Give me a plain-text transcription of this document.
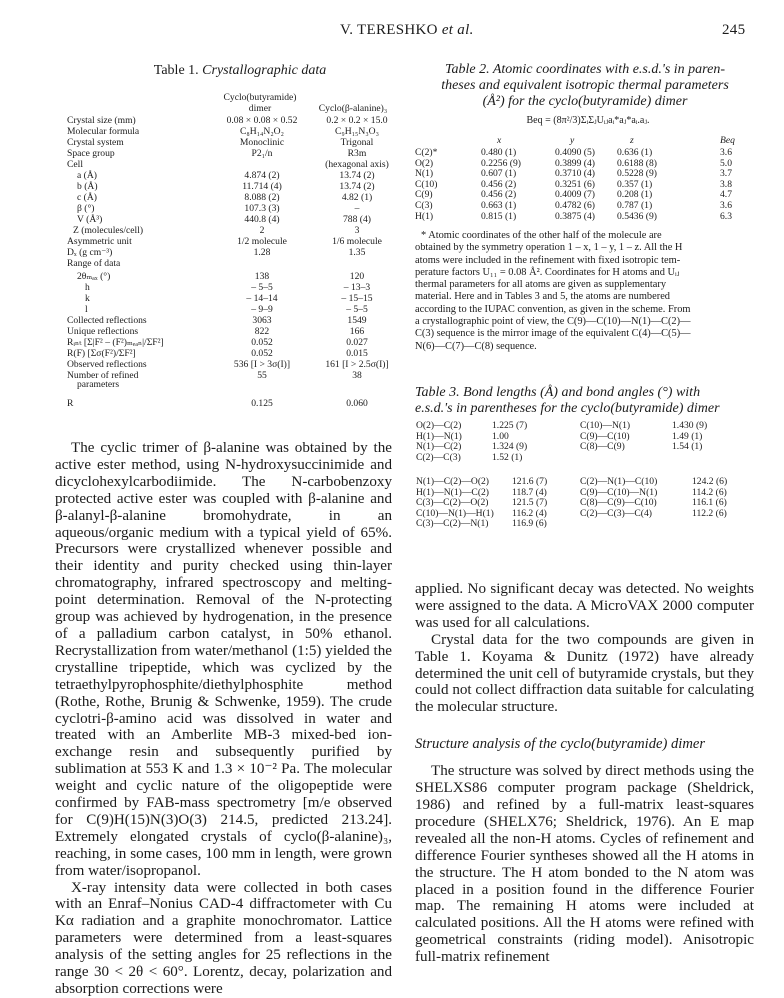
V. TERESHKO et al.	245
Table 1. Crystallographic data
Cyclo(butyramide)
dimer	Cyclo(β-alanine)₃
Crystal size (mm)	0.08 × 0.08 × 0.52	0.2 × 0.2 × 15.0
Molecular formula	C₈H₁₄N₂O₂	C₉H₁₅N₃O₃
Crystal system	Monoclinic	Trigonal
Space group	P2₁/n	R3m
Cell	(hexagonal axis)
a (Å)	4.874 (2)	13.74 (2)
b (Å)	11.714 (4)	13.74 (2)
c (Å)	8.088 (2)	4.82 (1)
β (°)	107.3 (3)	–
V (Å³)	440.8 (4)	788 (4)
Z (molecules/cell)	2	3
Asymmetric unit	1/2 molecule	1/6 molecule
Dₓ (g cm⁻³)	1.28	1.35
Range of data
2θₘₐₓ (°)	138	120
h	– 5–5	– 13–3
k	– 14–14	– 15–15
l	– 9–9	– 5–5
Collected reflections	3063	1549
Unique reflections	822	166
Rᵢₙₜ [Σ|F² – (F²)ₘₑₐₙ|/ΣF²]	0.052	0.027
R(F) [Σσ(F²)/ΣF²]	0.052	0.015
Observed reflections	536 [I > 3σ(I)]	161 [I > 2.5σ(I)]
Number of refined	55	38
parameters
R	0.125	0.060
Table 2. Atomic coordinates with e.s.d.'s in paren-
theses and equivalent isotropic thermal parameters
(Å²) for the cyclo(butyramide) dimer
Beq = (8π²/3)ΣᵢΣⱼUᵢⱼaᵢ*aⱼ*aᵢ.aⱼ.
x	y	z	Beq
C(2)*	0.480 (1)	0.4090 (5) 0.636 (1)	3.6
O(2)	0.2256 (9)	0.3899 (4) 0.6188 (8)	5.0
N(1)	0.607 (1)	0.3710 (4) 0.5228 (9)	3.7
C(10)	0.456 (2)	0.3251 (6) 0.357 (1)	3.8
C(9)	0.456 (2)	0.4009 (7) 0.208 (1)	4.7
C(3)	0.663 (1)	0.4782 (6) 0.787 (1)	3.6
H(1)	0.815 (1)	0.3875 (4) 0.5436 (9)	6.3
* Atomic coordinates of the other half of the molecule are
obtained by the symmetry operation 1 – x, 1 – y, 1 – z. All the H
atoms were included in the refinement with fixed isotropic tem-
perature factors U₁₁ = 0.08 Å². Coordinates for H atoms and Uᵢⱼ
thermal parameters for all atoms are given as supplementary
material. Here and in Tables 3 and 5, the atoms are numbered
according to the IUPAC convention, as given in the scheme. From
a crystallographic point of view, the C(9)—C(10)—N(1)—C(2)—
C(3) sequence is the mirror image of the equivalent C(4)—C(5)—
N(6)—C(7)—C(8) sequence.
Table 3. Bond lengths (Å) and bond angles (°) with
e.s.d.'s in parentheses for the cyclo(butyramide) dimer
O(2)—C(2)	1.225 (7)
H(1)—N(1)	1.00
N(1)—C(2)	1.324 (9)
C(2)—C(3)	1.52 (1)
C(10)—N(1)	1.430 (9)
C(9)—C(10)	1.49 (1)
C(8)—C(9)	1.54 (1)
N(1)—C(2)—O(2) 121.6 (7)
H(1)—N(1)—C(2) 118.7 (4)
C(3)—C(2)—O(2) 121.5 (7)
C(10)—N(1)—H(1) 116.2 (4)
C(3)—C(2)—N(1) 116.9 (6)
C(2)—N(1)—C(10)	124.2 (6)
C(9)—C(10)—N(1)	114.2 (6)
C(8)—C(9)—C(10)	116.1 (6)
C(2)—C(3)—C(4)	112.2 (6)

The cyclic trimer of β-alanine was obtained by the active ester method, using N-hydroxysuccinimide and dicyclohexylcarbodiimide. The N-carbobenzoxy protected active ester was coupled with β-alanine and β-alanyl-β-alanine bromohydrate, in an aqueous/organic medium with a typical yield of 65%. Precursors were crystallized whenever possible and their identity and purity checked using thin-layer chromatography, infrared spectroscopy and melting-point determination. Removal of the N-protecting group was achieved by hydrogenation, in the presence of a palladium carbon catalyst, in 50% ethanol. Recrystallization from water/methanol (1:5) yielded the crystalline tripeptide, which was cyclized by the tetraethylpyrophosphite/diethylphosphite method (Rothe, Rothe, Brunig & Schwenke, 1959). The crude cyclotri-β-amino acid was dissolved in water and treated with an Amberlite MB-3 mixed-bed ion-exchange resin and subsequently purified by sublimation at 553 K and 1.3 × 10⁻² Pa. The molecular weight and cyclic nature of the oligopeptide were confirmed by FAB-mass spectrometry [m/e observed for C(9)H(15)N(3)O(3) 214.5, predicted 213.24]. Extremely elongated crystals of cyclo(β-alanine)₃, reaching, in some cases, 100 mm in length, were grown from water/isopropanol.

X-ray intensity data were collected in both cases with an Enraf–Nonius CAD-4 diffractometer with Cu Kα radiation and a graphite monochromator. Lattice parameters were determined from a least-squares analysis of the setting angles for 25 reflections in the range 30 < 2θ < 60°. Lorentz, decay, polarization and absorption corrections were

applied. No significant decay was detected. No weights were assigned to the data. A MicroVAX 2000 computer was used for all calculations.

Crystal data for the two compounds are given in Table 1. Koyama & Dunitz (1972) have already determined the unit cell of butyramide crystals, but they could not collect diffraction data suitable for calculating the molecular structure.

Structure analysis of the cyclo(butyramide) dimer

The structure was solved by direct methods using the SHELXS86 computer program package (Sheldrick, 1986) and refined by a full-matrix least-squares procedure (SHELX76; Sheldrick, 1976). An E map revealed all the non-H atoms. Cycles of refinement and difference Fourier syntheses showed all the H atoms in the structure. The H atom bonded to the N atom was placed in a position found in the difference Fourier map. The remaining H atoms were included at calculated positions. All the H atoms were refined with geometrical constraints (riding model). Anisotropic full-matrix refinement
